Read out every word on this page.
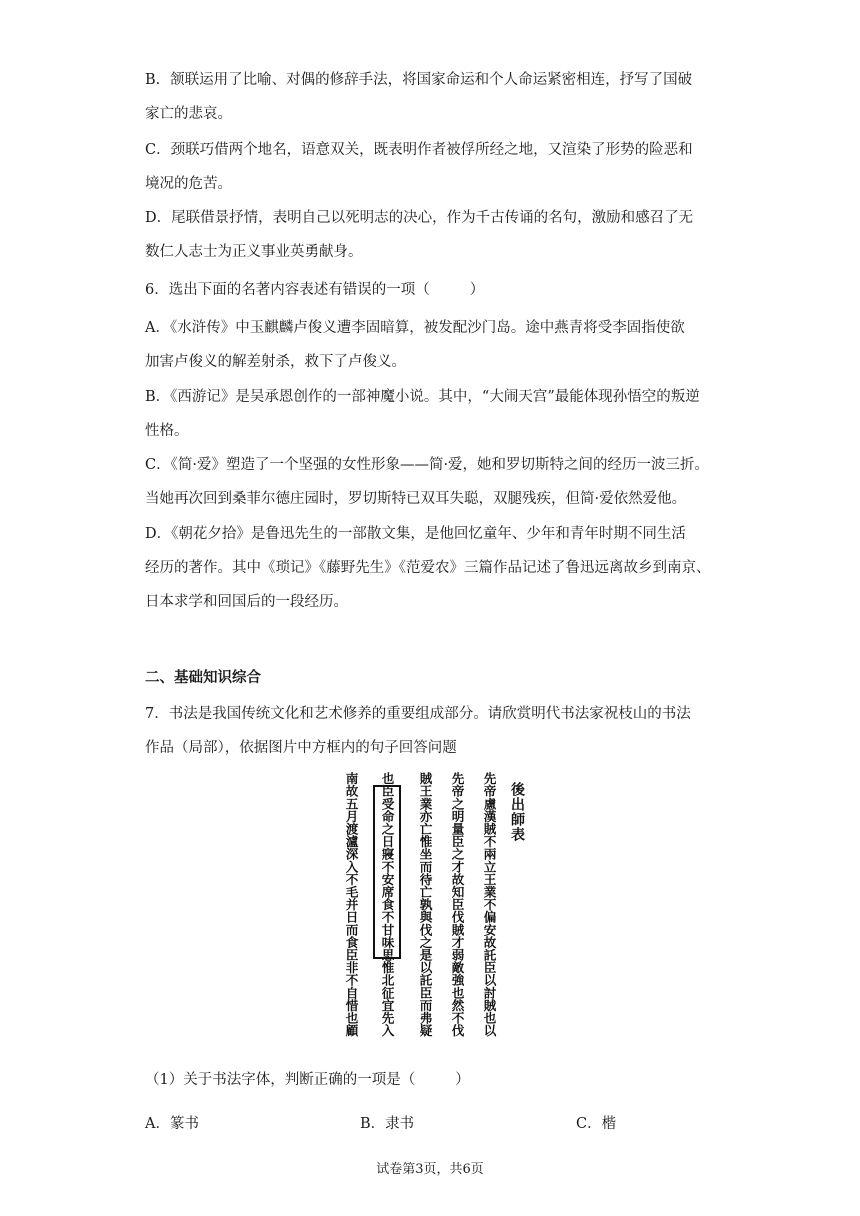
B．颔联运用了比喻、对偶的修辞手法，将国家命运和个人命运紧密相连，抒写了国破
家亡的悲哀。
C．颈联巧借两个地名，语意双关，既表明作者被俘所经之地，又渲染了形势的险恶和
境况的危苦。
D．尾联借景抒情，表明自己以死明志的决心，作为千古传诵的名句，激励和感召了无
数仁人志士为正义事业英勇献身。
6．选出下面的名著内容表述有错误的一项（	）
A．《水浒传》中玉麒麟卢俊义遭李固暗算，被发配沙门岛。途中燕青将受李固指使欲
加害卢俊义的解差射杀，救下了卢俊义。
B．《西游记》是吴承恩创作的一部神魔小说。其中，“大闹天宫”最能体现孙悟空的叛逆
性格。
C．《简·爱》塑造了一个坚强的女性形象——简·爱，她和罗切斯特之间的经历一波三折。
当她再次回到桑菲尔德庄园时，罗切斯特已双耳失聪，双腿残疾，但简·爱依然爱他。
D．《朝花夕拾》是鲁迅先生的一部散文集，是他回忆童年、少年和青年时期不同生活
经历的著作。其中《琐记》《藤野先生》《范爱农》三篇作品记述了鲁迅远离故乡到南京、
日本求学和回国后的一段经历。
二、基础知识综合
7．书法是我国传统文化和艺术修养的重要组成部分。请欣赏明代书法家祝枝山的书法
作品（局部），依据图片中方框内的句子回答问题
後出師表
先帝慮漢賊不兩立王業不偏安故託臣以討賊也以
先帝之明量臣之才故知臣伐賊才弱敵強也然不伐
賊王業亦亡惟坐而待亡孰與伐之是以託臣而弗疑
也臣受命之日寢不安席食不甘味思惟北征宜先入
南故五月渡瀘深入不毛并日而食臣非不自惜也顧
（1）关于书法字体，判断正确的一项是（	）
A．篆书	B．隶书	C．楷
试卷第3页，共6页
